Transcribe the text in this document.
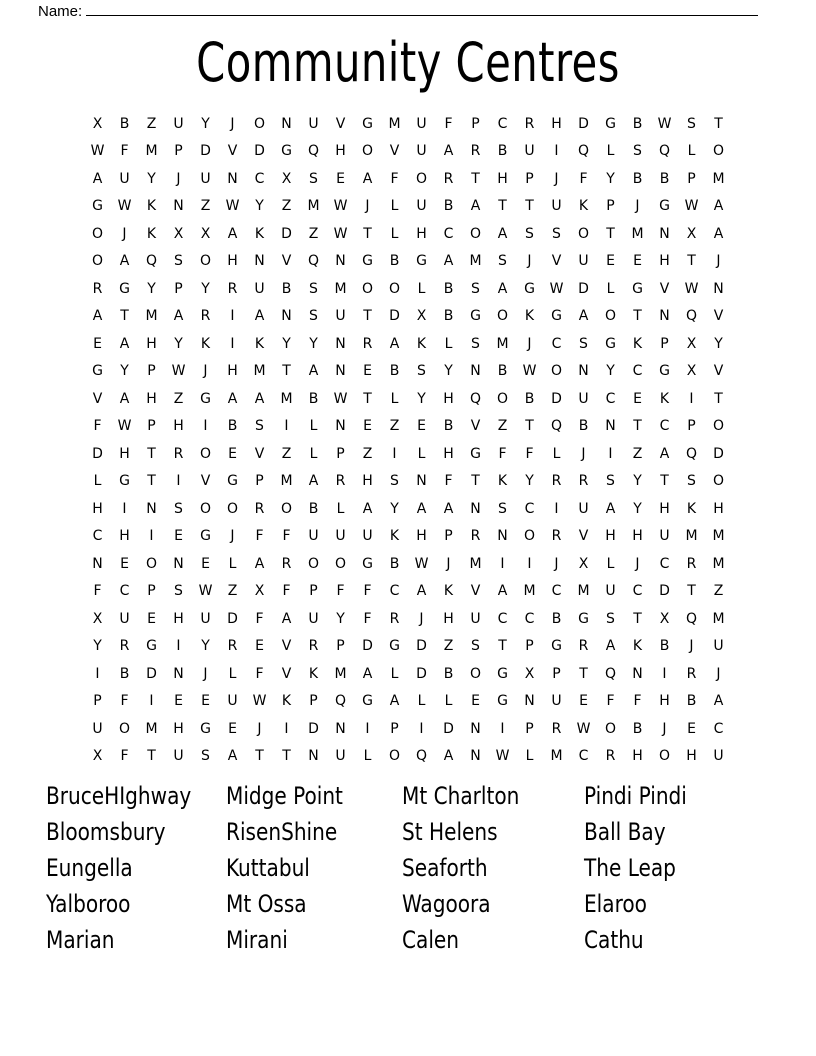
Name:
Community Centres
X	B	Z	U	Y	J	O	N	U	V	G	M	U	F	P	C	R	H	D	G	B	W	S	T
W	F	M	P	D	V	D	G	Q	H	O	V	U	A	R	B	U	I	Q	L	S	Q	L	O
A	U	Y	J	U	N	C	X	S	E	A	F	O	R	T	H	P	J	F	Y	B	B	P	M
G	W	K	N	Z	W	Y	Z	M	W	J	L	U	B	A	T	T	U	K	P	J	G	W	A
O	J	K	X	X	A	K	D	Z	W	T	L	H	C	O	A	S	S	O	T	M	N	X	A
O	A	Q	S	O	H	N	V	Q	N	G	B	G	A	M	S	J	V	U	E	E	H	T	J
R	G	Y	P	Y	R	U	B	S	M	O	O	L	B	S	A	G	W	D	L	G	V	W	N
A	T	M	A	R	I	A	N	S	U	T	D	X	B	G	O	K	G	A	O	T	N	Q	V
E	A	H	Y	K	I	K	Y	Y	N	R	A	K	L	S	M	J	C	S	G	K	P	X	Y
G	Y	P	W	J	H	M	T	A	N	E	B	S	Y	N	B	W	O	N	Y	C	G	X	V
V	A	H	Z	G	A	A	M	B	W	T	L	Y	H	Q	O	B	D	U	C	E	K	I	T
F	W	P	H	I	B	S	I	L	N	E	Z	E	B	V	Z	T	Q	B	N	T	C	P	O
D	H	T	R	O	E	V	Z	L	P	Z	I	L	H	G	F	F	L	J	I	Z	A	Q	D
L	G	T	I	V	G	P	M	A	R	H	S	N	F	T	K	Y	R	R	S	Y	T	S	O
H	I	N	S	O	O	R	O	B	L	A	Y	A	A	N	S	C	I	U	A	Y	H	K	H
C	H	I	E	G	J	F	F	U	U	U	K	H	P	R	N	O	R	V	H	H	U	M	M
N	E	O	N	E	L	A	R	O	O	G	B	W	J	M	I	I	J	X	L	J	C	R	M
F	C	P	S	W	Z	X	F	P	F	F	C	A	K	V	A	M	C	M	U	C	D	T	Z
X	U	E	H	U	D	F	A	U	Y	F	R	J	H	U	C	C	B	G	S	T	X	Q	M
Y	R	G	I	Y	R	E	V	R	P	D	G	D	Z	S	T	P	G	R	A	K	B	J	U
I	B	D	N	J	L	F	V	K	M	A	L	D	B	O	G	X	P	T	Q	N	I	R	J
P	F	I	E	E	U	W	K	P	Q	G	A	L	L	E	G	N	U	E	F	F	H	B	A
U	O	M	H	G	E	J	I	D	N	I	P	I	D	N	I	P	R	W	O	B	J	E	C
X	F	T	U	S	A	T	T	N	U	L	O	Q	A	N	W	L	M	C	R	H	O	H	U
BruceHIghway
Bloomsbury
Eungella
Yalboroo
Marian
Midge Point
RisenShine
Kuttabul
Mt Ossa
Mirani
Mt Charlton
St Helens
Seaforth
Wagoora
Calen
Pindi Pindi
Ball Bay
The Leap
Elaroo
Cathu
